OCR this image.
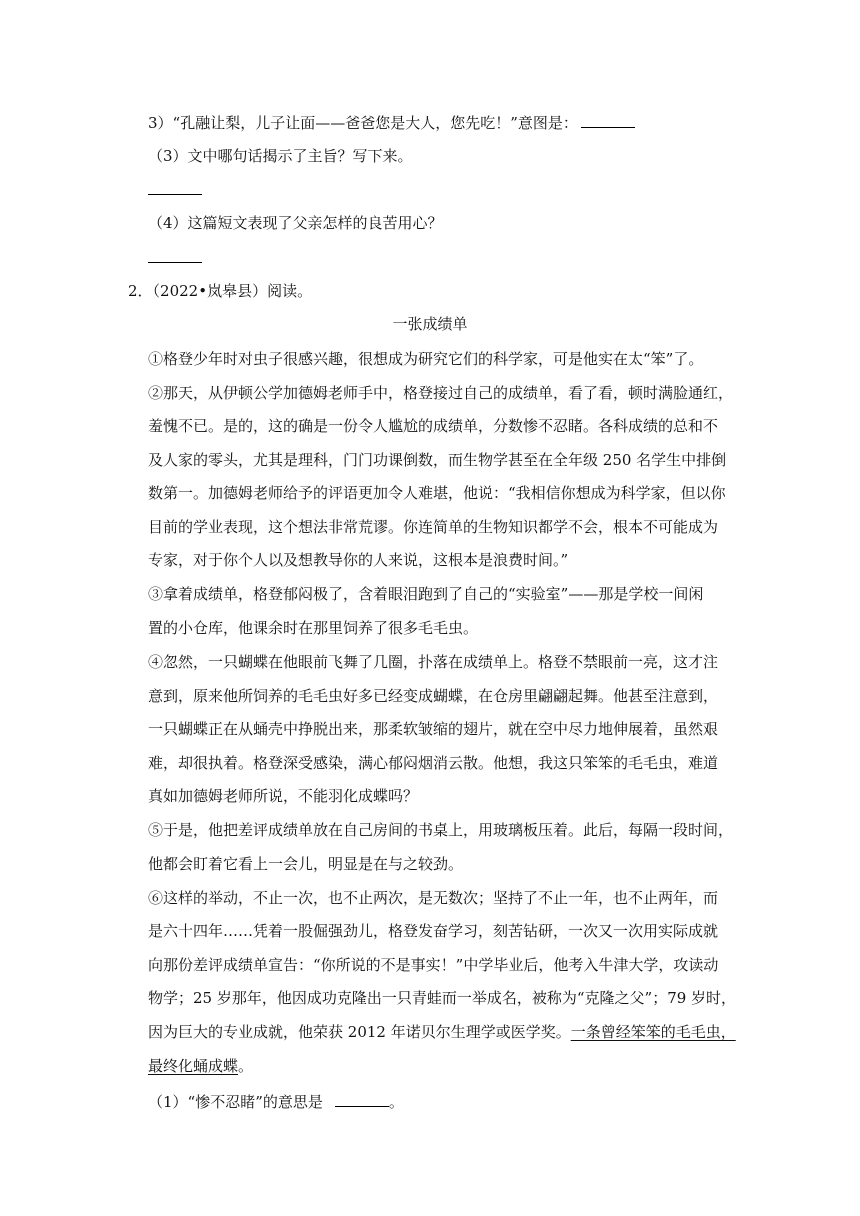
3）“孔融让梨，儿子让面——爸爸您是大人，您先吃！”意图是：
（3）文中哪句话揭示了主旨？写下来。
（4）这篇短文表现了父亲怎样的良苦用心？
2．（2022•岚皋县）阅读。
一张成绩单
①格登少年时对虫子很感兴趣，很想成为研究它们的科学家，可是他实在太“笨”了。
②那天，从伊顿公学加德姆老师手中，格登接过自己的成绩单，看了看，顿时满脸通红，
羞愧不已。是的，这的确是一份令人尴尬的成绩单，分数惨不忍睹。各科成绩的总和不
及人家的零头，尤其是理科，门门功课倒数，而生物学甚至在全年级 250 名学生中排倒
数第一。加德姆老师给予的评语更加令人难堪，他说：“我相信你想成为科学家，但以你
目前的学业表现，这个想法非常荒谬。你连简单的生物知识都学不会，根本不可能成为
专家，对于你个人以及想教导你的人来说，这根本是浪费时间。”
③拿着成绩单，格登郁闷极了，含着眼泪跑到了自己的“实验室”——那是学校一间闲
置的小仓库，他课余时在那里饲养了很多毛毛虫。
④忽然，一只蝴蝶在他眼前飞舞了几圈，扑落在成绩单上。格登不禁眼前一亮，这才注
意到，原来他所饲养的毛毛虫好多已经变成蝴蝶，在仓房里翩翩起舞。他甚至注意到，
一只蝴蝶正在从蛹壳中挣脱出来，那柔软皱缩的翅片，就在空中尽力地伸展着，虽然艰
难，却很执着。格登深受感染，满心郁闷烟消云散。他想，我这只笨笨的毛毛虫，难道
真如加德姆老师所说，不能羽化成蝶吗？
⑤于是，他把差评成绩单放在自己房间的书桌上，用玻璃板压着。此后，每隔一段时间，
他都会盯着它看上一会儿，明显是在与之较劲。
⑥这样的举动，不止一次，也不止两次，是无数次；坚持了不止一年，也不止两年，而
是六十四年……凭着一股倔强劲儿，格登发奋学习，刻苦钻研，一次又一次用实际成就
向那份差评成绩单宣告：“你所说的不是事实！”中学毕业后，他考入牛津大学，攻读动
物学；25 岁那年，他因成功克隆出一只青蛙而一举成名，被称为“克隆之父”；79 岁时，
因为巨大的专业成就，他荣获 2012 年诺贝尔生理学或医学奖。一条曾经笨笨的毛毛虫，
最终化蛹成蝶。
（1）“惨不忍睹”的意思是	。
